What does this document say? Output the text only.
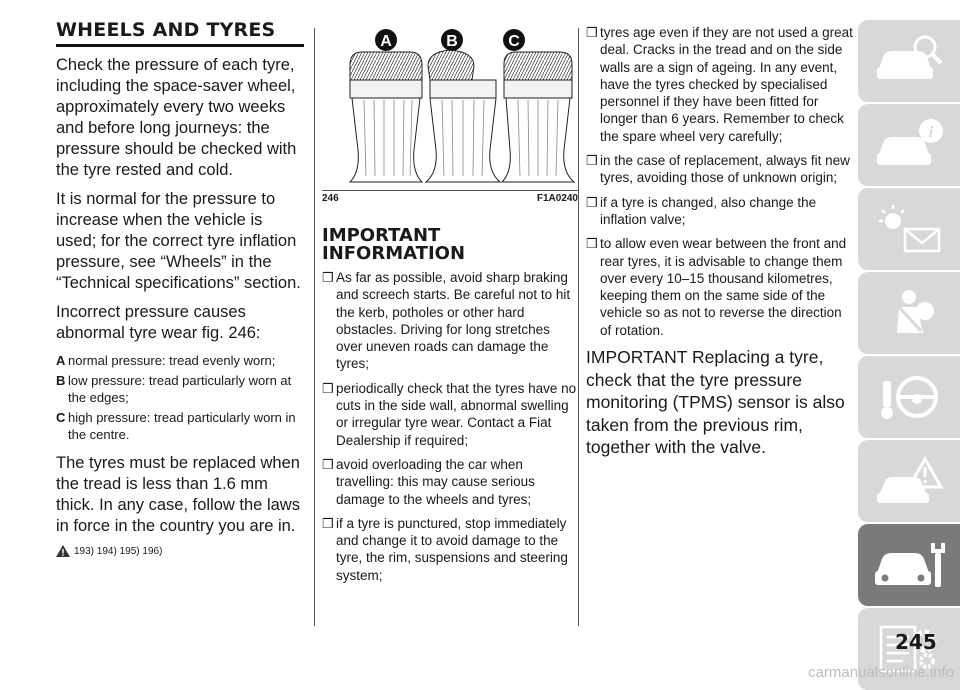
WHEELS AND TYRES

Check the pressure of each tyre, including the space-saver wheel, approximately every two weeks and before long journeys: the pressure should be checked with the tyre rested and cold.

It is normal for the pressure to increase when the vehicle is used; for the correct tyre inflation pressure, see “Wheels” in the “Technical specifications” section.

Incorrect pressure causes abnormal tyre wear fig. 246:

A normal pressure: tread evenly worn;
B low pressure: tread particularly worn at the edges;
C high pressure: tread particularly worn in the centre.

The tyres must be replaced when the tread is less than 1.6 mm thick. In any case, follow the laws in force in the country you are in.

193) 194) 195) 196)
A	B	C
246	F1A0240
IMPORTANT INFORMATION
❒ As far as possible, avoid sharp braking and screech starts. Be careful not to hit the kerb, potholes or other hard obstacles. Driving for long stretches over uneven roads can damage the tyres;
❒ periodically check that the tyres have no cuts in the side wall, abnormal swelling or irregular tyre wear. Contact a Fiat Dealership if required;
❒ avoid overloading the car when travelling: this may cause serious damage to the wheels and tyres;
❒ if a tyre is punctured, stop immediately and change it to avoid damage to the tyre, the rim, suspensions and steering system;
❒ tyres age even if they are not used a great deal. Cracks in the tread and on the side walls are a sign of ageing. In any event, have the tyres checked by specialised personnel if they have been fitted for longer than 6 years. Remember to check the spare wheel very carefully;
❒ in the case of replacement, always fit new tyres, avoiding those of unknown origin;
❒ if a tyre is changed, also change the inflation valve;
❒ to allow even wear between the front and rear tyres, it is advisable to change them over every 10–15 thousand kilometres, keeping them on the same side of the vehicle so as not to reverse the direction of rotation.

IMPORTANT Replacing a tyre, check that the tyre pressure monitoring (TPMS) sensor is also taken from the previous rim, together with the valve.

i
245
carmanualsonline.info
